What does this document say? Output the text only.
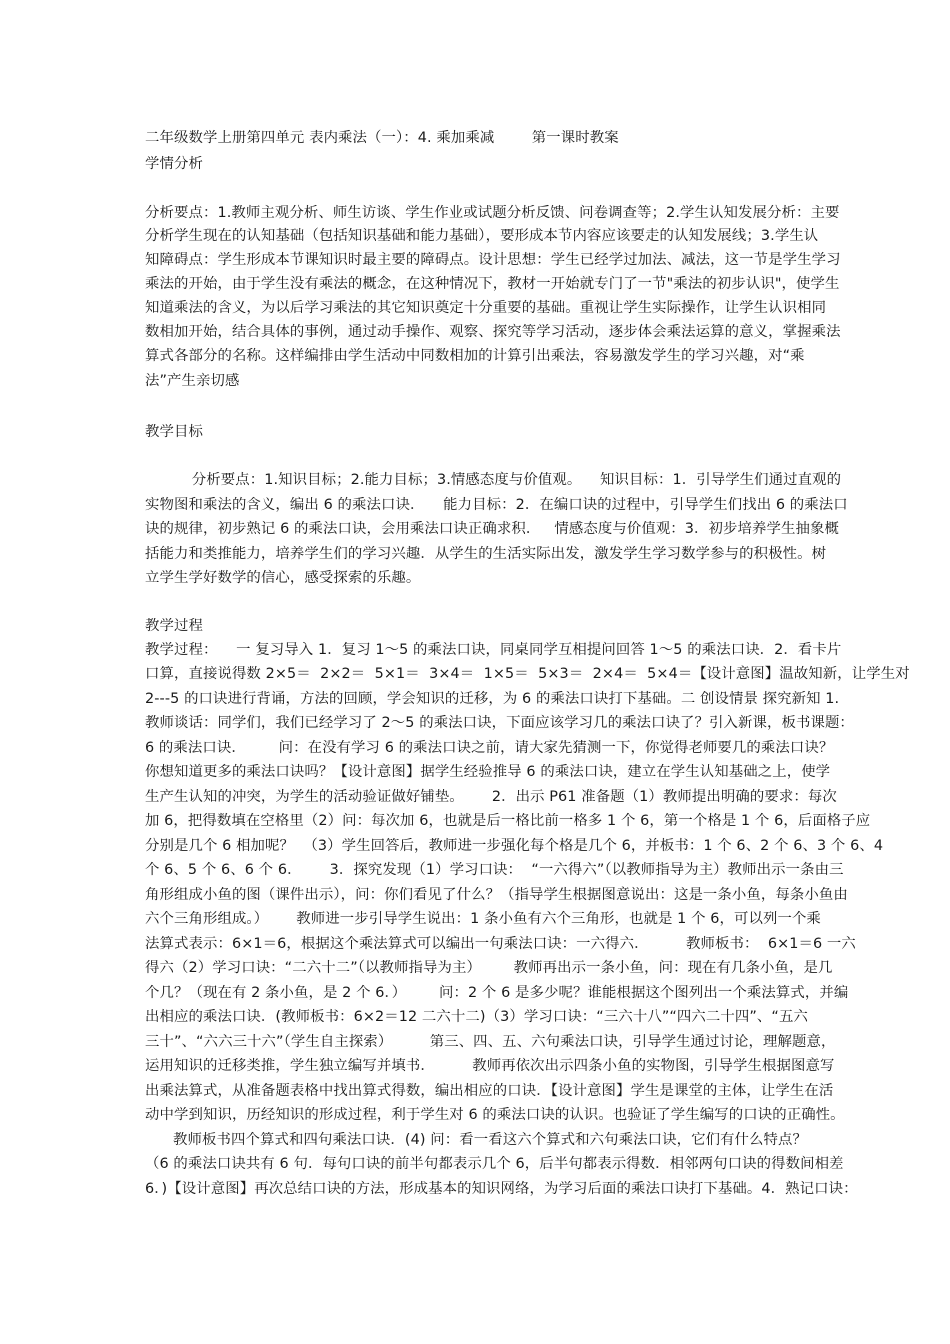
二年级数学上册第四单元 表内乘法（一）：4. 乘加乘减        第一课时教案
学情分析
分析要点：1.教师主观分析、师生访谈、学生作业或试题分析反馈、问卷调查等；2.学生认知发展分析：主要
分析学生现在的认知基础（包括知识基础和能力基础），要形成本节内容应该要走的认知发展线；3.学生认
知障碍点：学生形成本节课知识时最主要的障碍点。设计思想：学生已经学过加法、减法，这一节是学生学习
乘法的开始，由于学生没有乘法的概念，在这种情况下，教材一开始就专门了一节"乘法的初步认识"，使学生
知道乘法的含义，为以后学习乘法的其它知识奠定十分重要的基础。重视让学生实际操作，让学生认识相同
数相加开始，结合具体的事例，通过动手操作、观察、探究等学习活动，逐步体会乘法运算的意义，掌握乘法
算式各部分的名称。这样编排由学生活动中同数相加的计算引出乘法，容易激发学生的学习兴趣，对“乘
法”产生亲切感
教学目标
分析要点：1.知识目标；2.能力目标；3.情感态度与价值观。    知识目标：1．引导学生们通过直观的
实物图和乘法的含义，编出 6 的乘法口诀．    能力目标：2．在编口诀的过程中，引导学生们找出 6 的乘法口
诀的规律，初步熟记 6 的乘法口诀，会用乘法口诀正确求积．   情感态度与价值观：3．初步培养学生抽象概
括能力和类推能力，培养学生们的学习兴趣．从学生的生活实际出发，激发学生学习数学参与的积极性。树
立学生学好数学的信心，感受探索的乐趣。
教学过程
教学过程：    一 复习导入 1．复习 1～5 的乘法口诀，同桌同学互相提问回答 1～5 的乘法口诀．2．看卡片
口算，直接说得数 2×5＝  2×2＝  5×1＝  3×4＝  1×5＝  5×3＝  2×4＝  5×4＝【设计意图】温故知新，让学生对
2---5 的口诀进行背诵，方法的回顾，学会知识的迁移，为 6 的乘法口诀打下基础。二 创设情景 探究新知 1.
教师谈话：同学们，我们已经学习了 2～5 的乘法口诀，下面应该学习几的乘法口诀了？引入新课，板书课题：
6 的乘法口诀．       问：在没有学习 6 的乘法口诀之前，请大家先猜测一下，你觉得老师要几的乘法口诀？
你想知道更多的乘法口诀吗？【设计意图】据学生经验推导 6 的乘法口诀，建立在学生认知基础之上，使学
生产生认知的冲突，为学生的活动验证做好铺垫。      2．出示 P61 准备题（1）教师提出明确的要求：每次
加 6，把得数填在空格里（2）问：每次加 6，也就是后一格比前一格多 1 个 6，第一个格是 1 个 6，后面格子应
分别是几个 6 相加呢？  （3）学生回答后，教师进一步强化每个格是几个 6，并板书：1 个 6、2 个 6、3 个 6、4
个 6、5 个 6、6 个 6．      3．探究发现（1）学习口诀：  “一六得六”（以教师指导为主）教师出示一条由三
角形组成小鱼的图（课件出示），问：你们看见了什么？（指导学生根据图意说出：这是一条小鱼，每条小鱼由
六个三角形组成。）      教师进一步引导学生说出：1 条小鱼有六个三角形，也就是 1 个 6，可以列一个乘
法算式表示：6×1＝6，根据这个乘法算式可以编出一句乘法口诀：一六得六．        教师板书：  6×1＝6 一六
得六（2）学习口诀：“二六十二”（以教师指导为主）       教师再出示一条小鱼，问：现在有几条小鱼，是几
个几？（现在有 2 条小鱼，是 2 个 6．）       问：2 个 6 是多少呢？谁能根据这个图列出一个乘法算式，并编
出相应的乘法口诀．(教师板书：6×2＝12 二六十二)（3）学习口诀：“三六十八”“四六二十四”、“五六
三十”、“六六三十六”（学生自主探索）        第三、四、五、六句乘法口诀，引导学生通过讨论，理解题意，
运用知识的迁移类推，学生独立编写并填书．        教师再依次出示四条小鱼的实物图，引导学生根据图意写
出乘法算式，从准备题表格中找出算式得数，编出相应的口诀．【设计意图】学生是课堂的主体，让学生在活
动中学到知识，历经知识的形成过程，利于学生对 6 的乘法口诀的认识。也验证了学生编写的口诀的正确性。
教师板书四个算式和四句乘法口诀．(4) 问：看一看这六个算式和六句乘法口诀，它们有什么特点？
（6 的乘法口诀共有 6 句．每句口诀的前半句都表示几个 6，后半句都表示得数．相邻两句口诀的得数间相差
6．)【设计意图】再次总结口诀的方法，形成基本的知识网络，为学习后面的乘法口诀打下基础。4．熟记口诀：
